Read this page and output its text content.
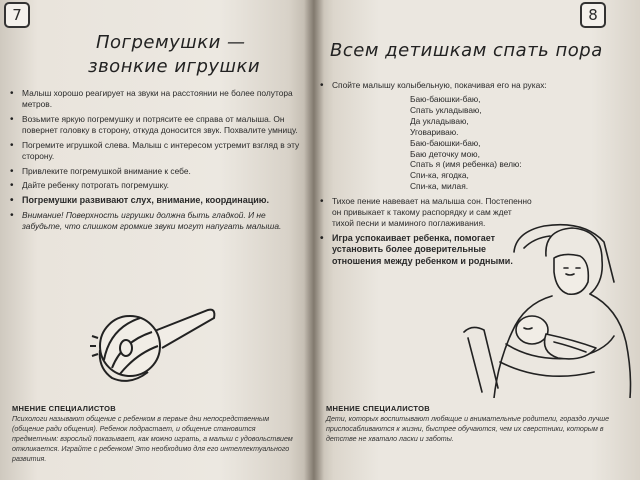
7
Погремушки —
звонкие игрушки
• Малыш хорошо реагирует на звуки на расстоянии не более полутора метров.
• Возьмите яркую погремушку и потрясите ее справа от малыша. Он повернет головку в сторону, откуда доносится звук. Похвалите умницу.
• Погремите игрушкой слева. Малыш с интересом устремит взгляд в эту сторону.
• Привлеките погремушкой внимание к себе.
• Дайте ребенку потрогать погремушку.
• Погремушки развивают слух, внимание, координацию.
• Внимание! Поверхность игрушки должна быть гладкой. И не забудьте, что слишком громкие звуки могут напугать малыша.
МНЕНИЕ СПЕЦИАЛИСТОВ
Психологи называют общение с ребенком в первые дни непосредственным (общение ради общения). Ребенок подрастает, и общение становится предметным: взрослый показывает, как можно играть, а малыш с удовольствием откликается. Играйте с ребенком! Это необходимо для его интеллектуального развития.
8
Всем детишкам спать пора
• Спойте малышу колыбельную, покачивая его на руках:
Баю-баюшки-баю,
Спать укладываю,
Да укладываю,
Уговариваю.
Баю-баюшки-баю,
Баю деточку мою,
Спать я (имя ребенка) велю:
Спи-ка, ягодка,
Спи-ка, милая.
• Тихое пение навевает на малыша сон. Постепенно он привыкает к такому распорядку и сам ждет тихой песни и маминого поглаживания.
• Игра успокаивает ребенка, помогает установить более доверительные отношения между ребенком и родными.
МНЕНИЕ СПЕЦИАЛИСТОВ
Дети, которых воспитывают любящие и внимательные родители, гораздо лучше приспосабливаются к жизни, быстрее обучаются, чем их сверстники, которым в детстве не хватало ласки и заботы.
